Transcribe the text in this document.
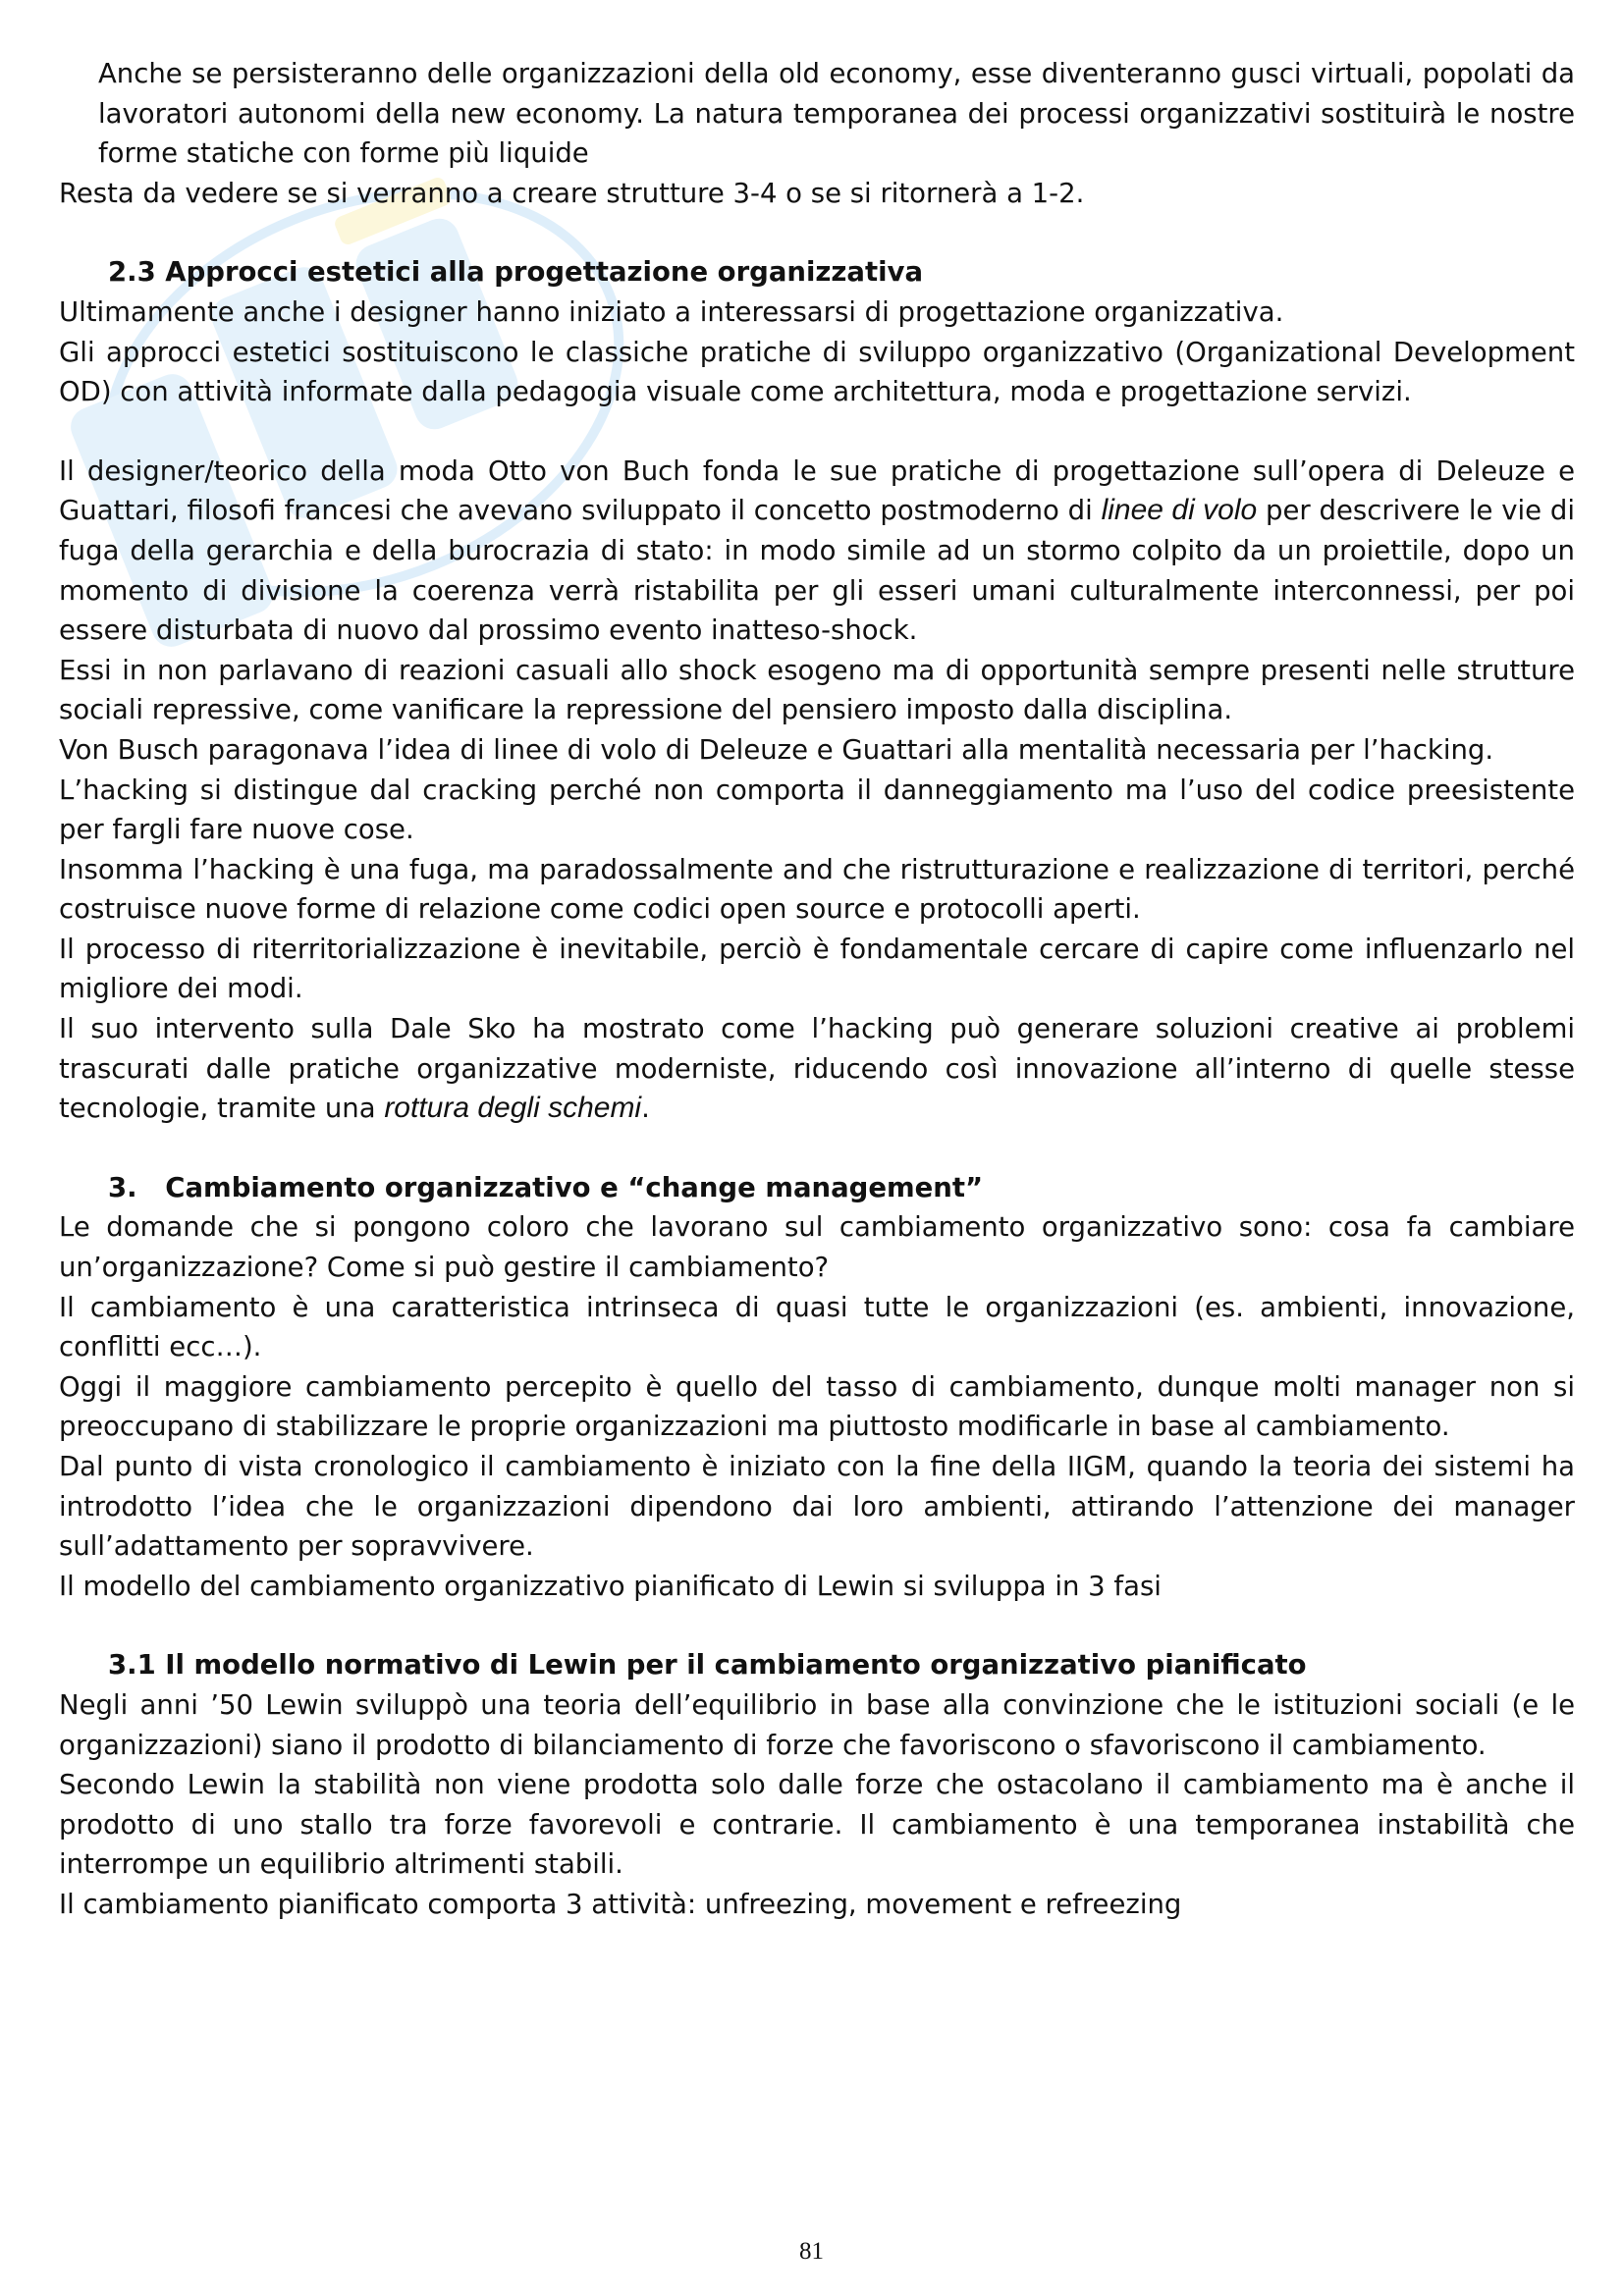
Anche se persisteranno delle organizzazioni della old economy, esse diventeranno gusci virtuali, popolati da lavoratori autonomi della new economy. La natura temporanea dei processi organizzativi sostituirà le nostre forme statiche con forme più liquide

Resta da vedere se si verranno a creare strutture 3-4 o se si ritornerà a 1-2.

2.3 Approcci estetici alla progettazione organizzativa

Ultimamente anche i designer hanno iniziato a interessarsi di progettazione organizzativa.

Gli approcci estetici sostituiscono le classiche pratiche di sviluppo organizzativo (Organizational Development OD) con attività informate dalla pedagogia visuale come architettura, moda e progettazione servizi.

Il designer/teorico della moda Otto von Buch fonda le sue pratiche di progettazione sull’opera di Deleuze e Guattari, filosofi francesi che avevano sviluppato il concetto postmoderno di linee di volo per descrivere le vie di fuga della gerarchia e della burocrazia di stato: in modo simile ad un stormo colpito da un proiettile, dopo un momento di divisione la coerenza verrà ristabilita per gli esseri umani culturalmente interconnessi, per poi essere disturbata di nuovo dal prossimo evento inatteso-shock.

Essi in non parlavano di reazioni casuali allo shock esogeno ma di opportunità sempre presenti nelle strutture sociali repressive, come vanificare la repressione del pensiero imposto dalla disciplina.

Von Busch paragonava l’idea di linee di volo di Deleuze e Guattari alla mentalità necessaria per l’hacking.

L’hacking si distingue dal cracking perché non comporta il danneggiamento ma l’uso del codice preesistente per fargli fare nuove cose.

Insomma l’hacking è una fuga, ma paradossalmente and che ristrutturazione e realizzazione di territori, perché costruisce nuove forme di relazione come codici open source e protocolli aperti.

Il processo di riterritorializzazione è inevitabile, perciò è fondamentale cercare di capire come influenzarlo nel migliore dei modi.

Il suo intervento sulla Dale Sko ha mostrato come l’hacking può generare soluzioni creative ai problemi trascurati dalle pratiche organizzative moderniste, riducendo così innovazione all’interno di quelle stesse tecnologie, tramite una rottura degli schemi.

3.   Cambiamento organizzativo e “change management”

Le domande che si pongono coloro che lavorano sul cambiamento organizzativo sono: cosa fa cambiare un’organizzazione? Come si può gestire il cambiamento?

Il cambiamento è una caratteristica intrinseca di quasi tutte le organizzazioni (es. ambienti, innovazione, conflitti ecc…).

Oggi il maggiore cambiamento percepito è quello del tasso di cambiamento, dunque molti manager non si preoccupano di stabilizzare le proprie organizzazioni ma piuttosto modificarle in base al cambiamento.

Dal punto di vista cronologico il cambiamento è iniziato con la fine della IIGM, quando la teoria dei sistemi ha introdotto l’idea che le organizzazioni dipendono dai loro ambienti, attirando l’attenzione dei manager sull’adattamento per sopravvivere.

Il modello del cambiamento organizzativo pianificato di Lewin si sviluppa in 3 fasi

3.1 Il modello normativo di Lewin per il cambiamento organizzativo pianificato

Negli anni ’50 Lewin sviluppò una teoria dell’equilibrio in base alla convinzione che le istituzioni sociali (e le organizzazioni) siano il prodotto di bilanciamento di forze che favoriscono o sfavoriscono il cambiamento.

Secondo Lewin la stabilità non viene prodotta solo dalle forze che ostacolano il cambiamento ma è anche il prodotto di uno stallo tra forze favorevoli e contrarie. Il cambiamento è una temporanea instabilità che interrompe un equilibrio altrimenti stabili.

Il cambiamento pianificato comporta 3 attività: unfreezing, movement e refreezing

81
